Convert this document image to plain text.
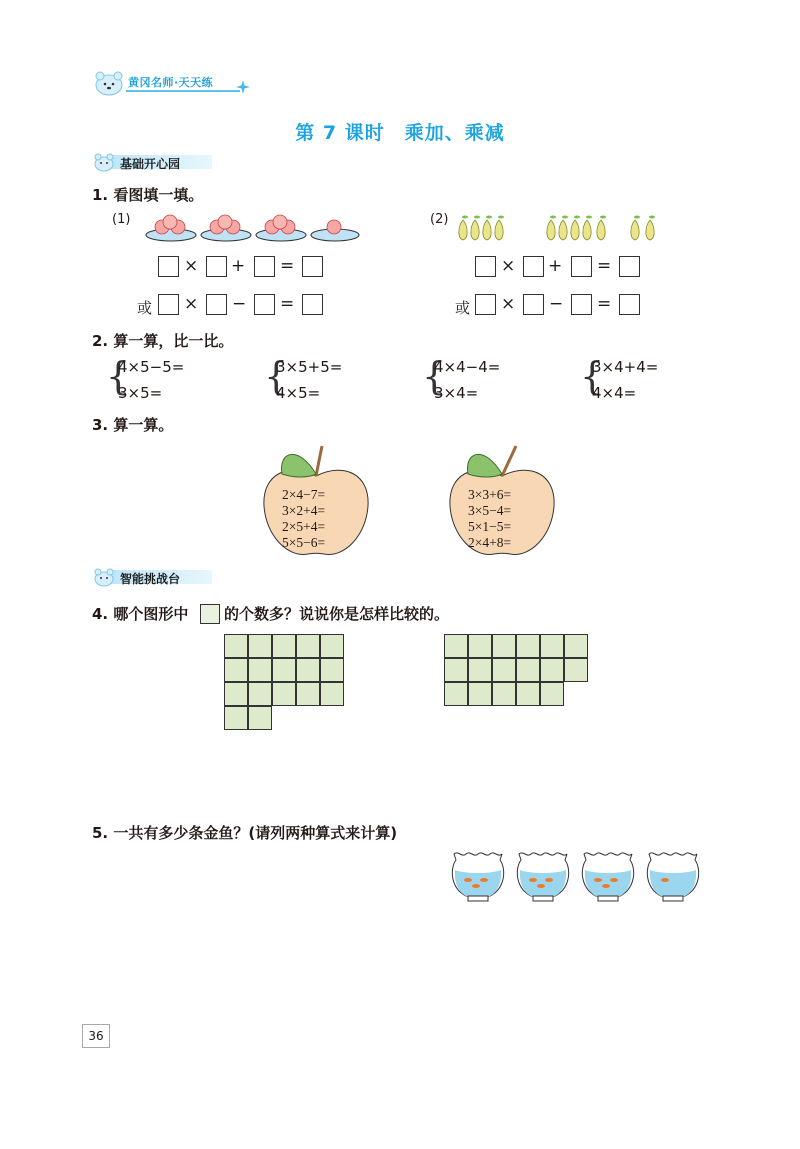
黄冈名师·天天练
第 7 课时　乘加、乘减
基础开心园
1. 看图填一填。
(1)
× + =
或 × − =
(2)
× + =
或 × − =
2. 算一算，比一比。
{
4×5−5=
3×5=	{
3×5+5=
4×5=	{
4×4−4=
3×4=	{
3×4+4=
4×4=
3. 算一算。
2×4−7=
3×2+4=
2×5+4=
5×5−6=
3×3+6=
3×5−4=
5×1−5=
2×4+8=
智能挑战台
4. 哪个图形中 的个数多？说说你是怎样比较的。
5. 一共有多少条金鱼？(请列两种算式来计算)
36
